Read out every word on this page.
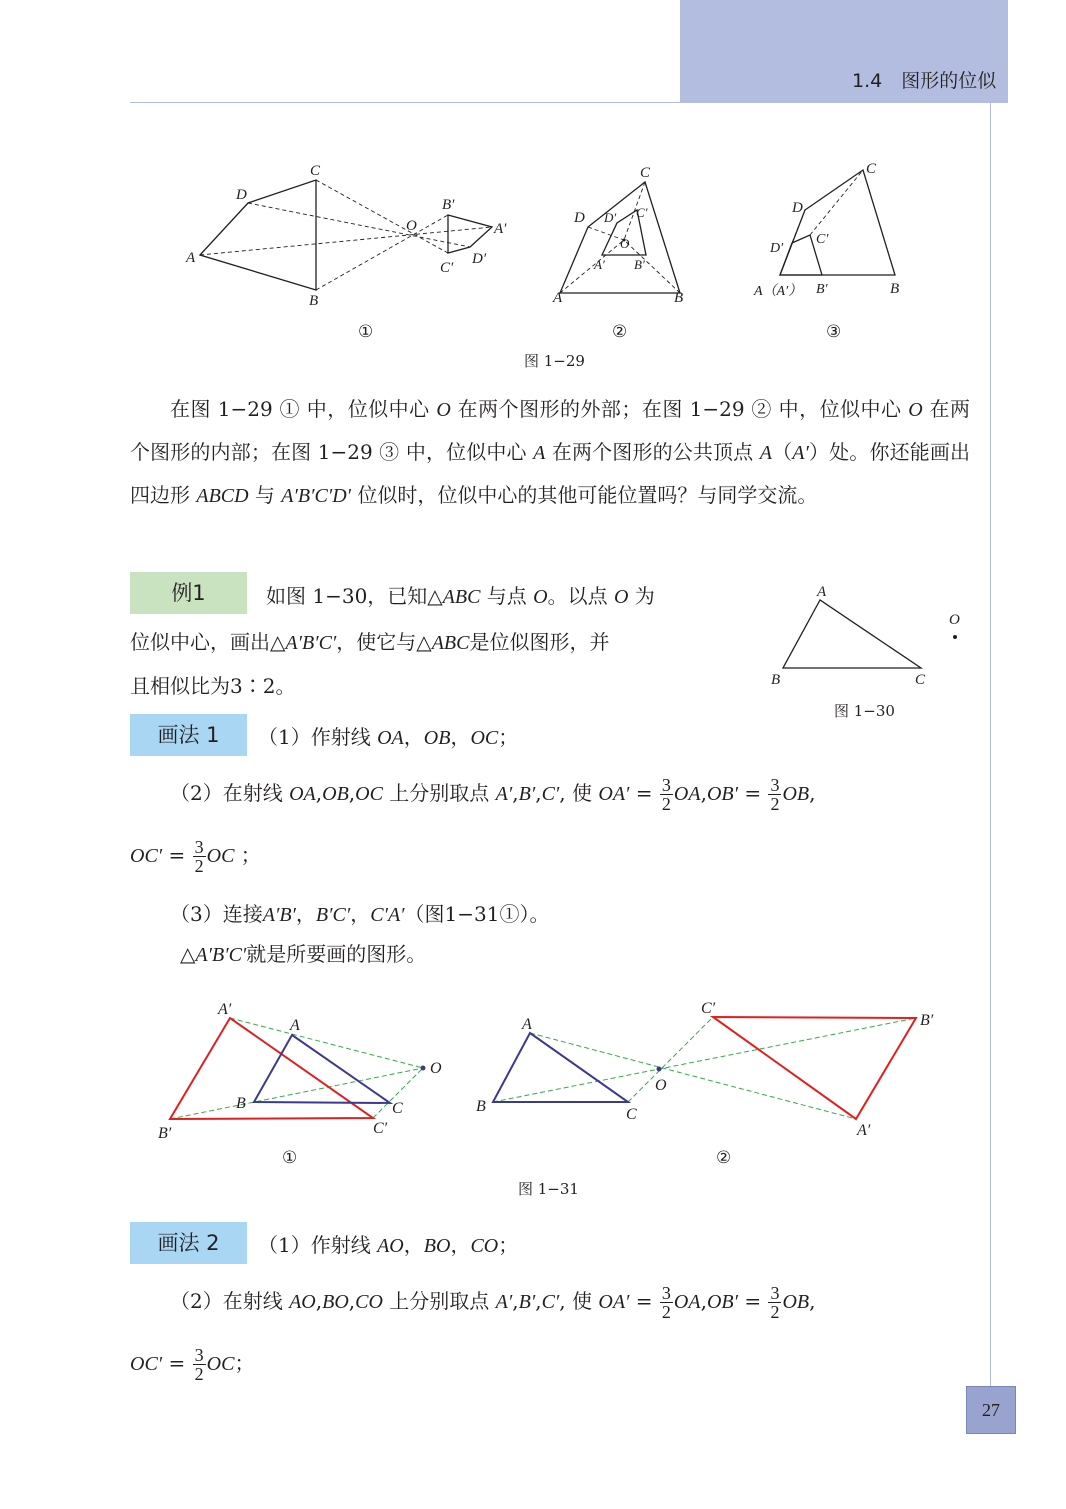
1.4　图形的位似
A
B
C
D
O	A′
B′
C′
D′
A	B
C
D
O
A′ B′
C′
D′
A（A′）	B
C
D
B′
C′
D′
①	②	③
图 1−29
在图 1−29 ① 中，位似中心 O 在两个图形的外部；在图 1−29 ② 中，位似中心 O 在两个图形的内部；在图 1−29 ③ 中，位似中心 A 在两个图形的公共顶点 A（A′）处。你还能画出四边形 ABCD 与 A′B′C′D′ 位似时，位似中心的其他可能位置吗？与同学交流。
例1	如图 1−30，已知△ABC 与点 O。以点 O 为
位似中心，画出△A′B′C′，使它与△ABC是位似图形，并
且相似比为3∶2。
A
B	C
O
图 1−30
画法 1	（1）作射线 OA，OB，OC；
（2）在射线 OA,OB,OC 上分别取点 A′,B′,C′, 使 $OA' = \frac{3}{2} OA,OB' = \frac{3}{2}$ OB,
$OC' = \frac{3}{2}$ OC ；
（3）连接A′B′，B′C′，C′A′（图1−31①）。
△A′B′C′就是所要画的图形。
A′
A
B
B′
C
C′
O
A
B	C
O
C′
B′
A′
①	②
图 1−31
画法 2	（1）作射线 AO，BO，CO；
（2）在射线 AO,BO,CO 上分别取点 A′,B′,C′, 使 $OA' = \frac{3}{2} OA,OB' = \frac{3}{2}$ OB,
$OC' = \frac{3}{2}$ OC；
27
